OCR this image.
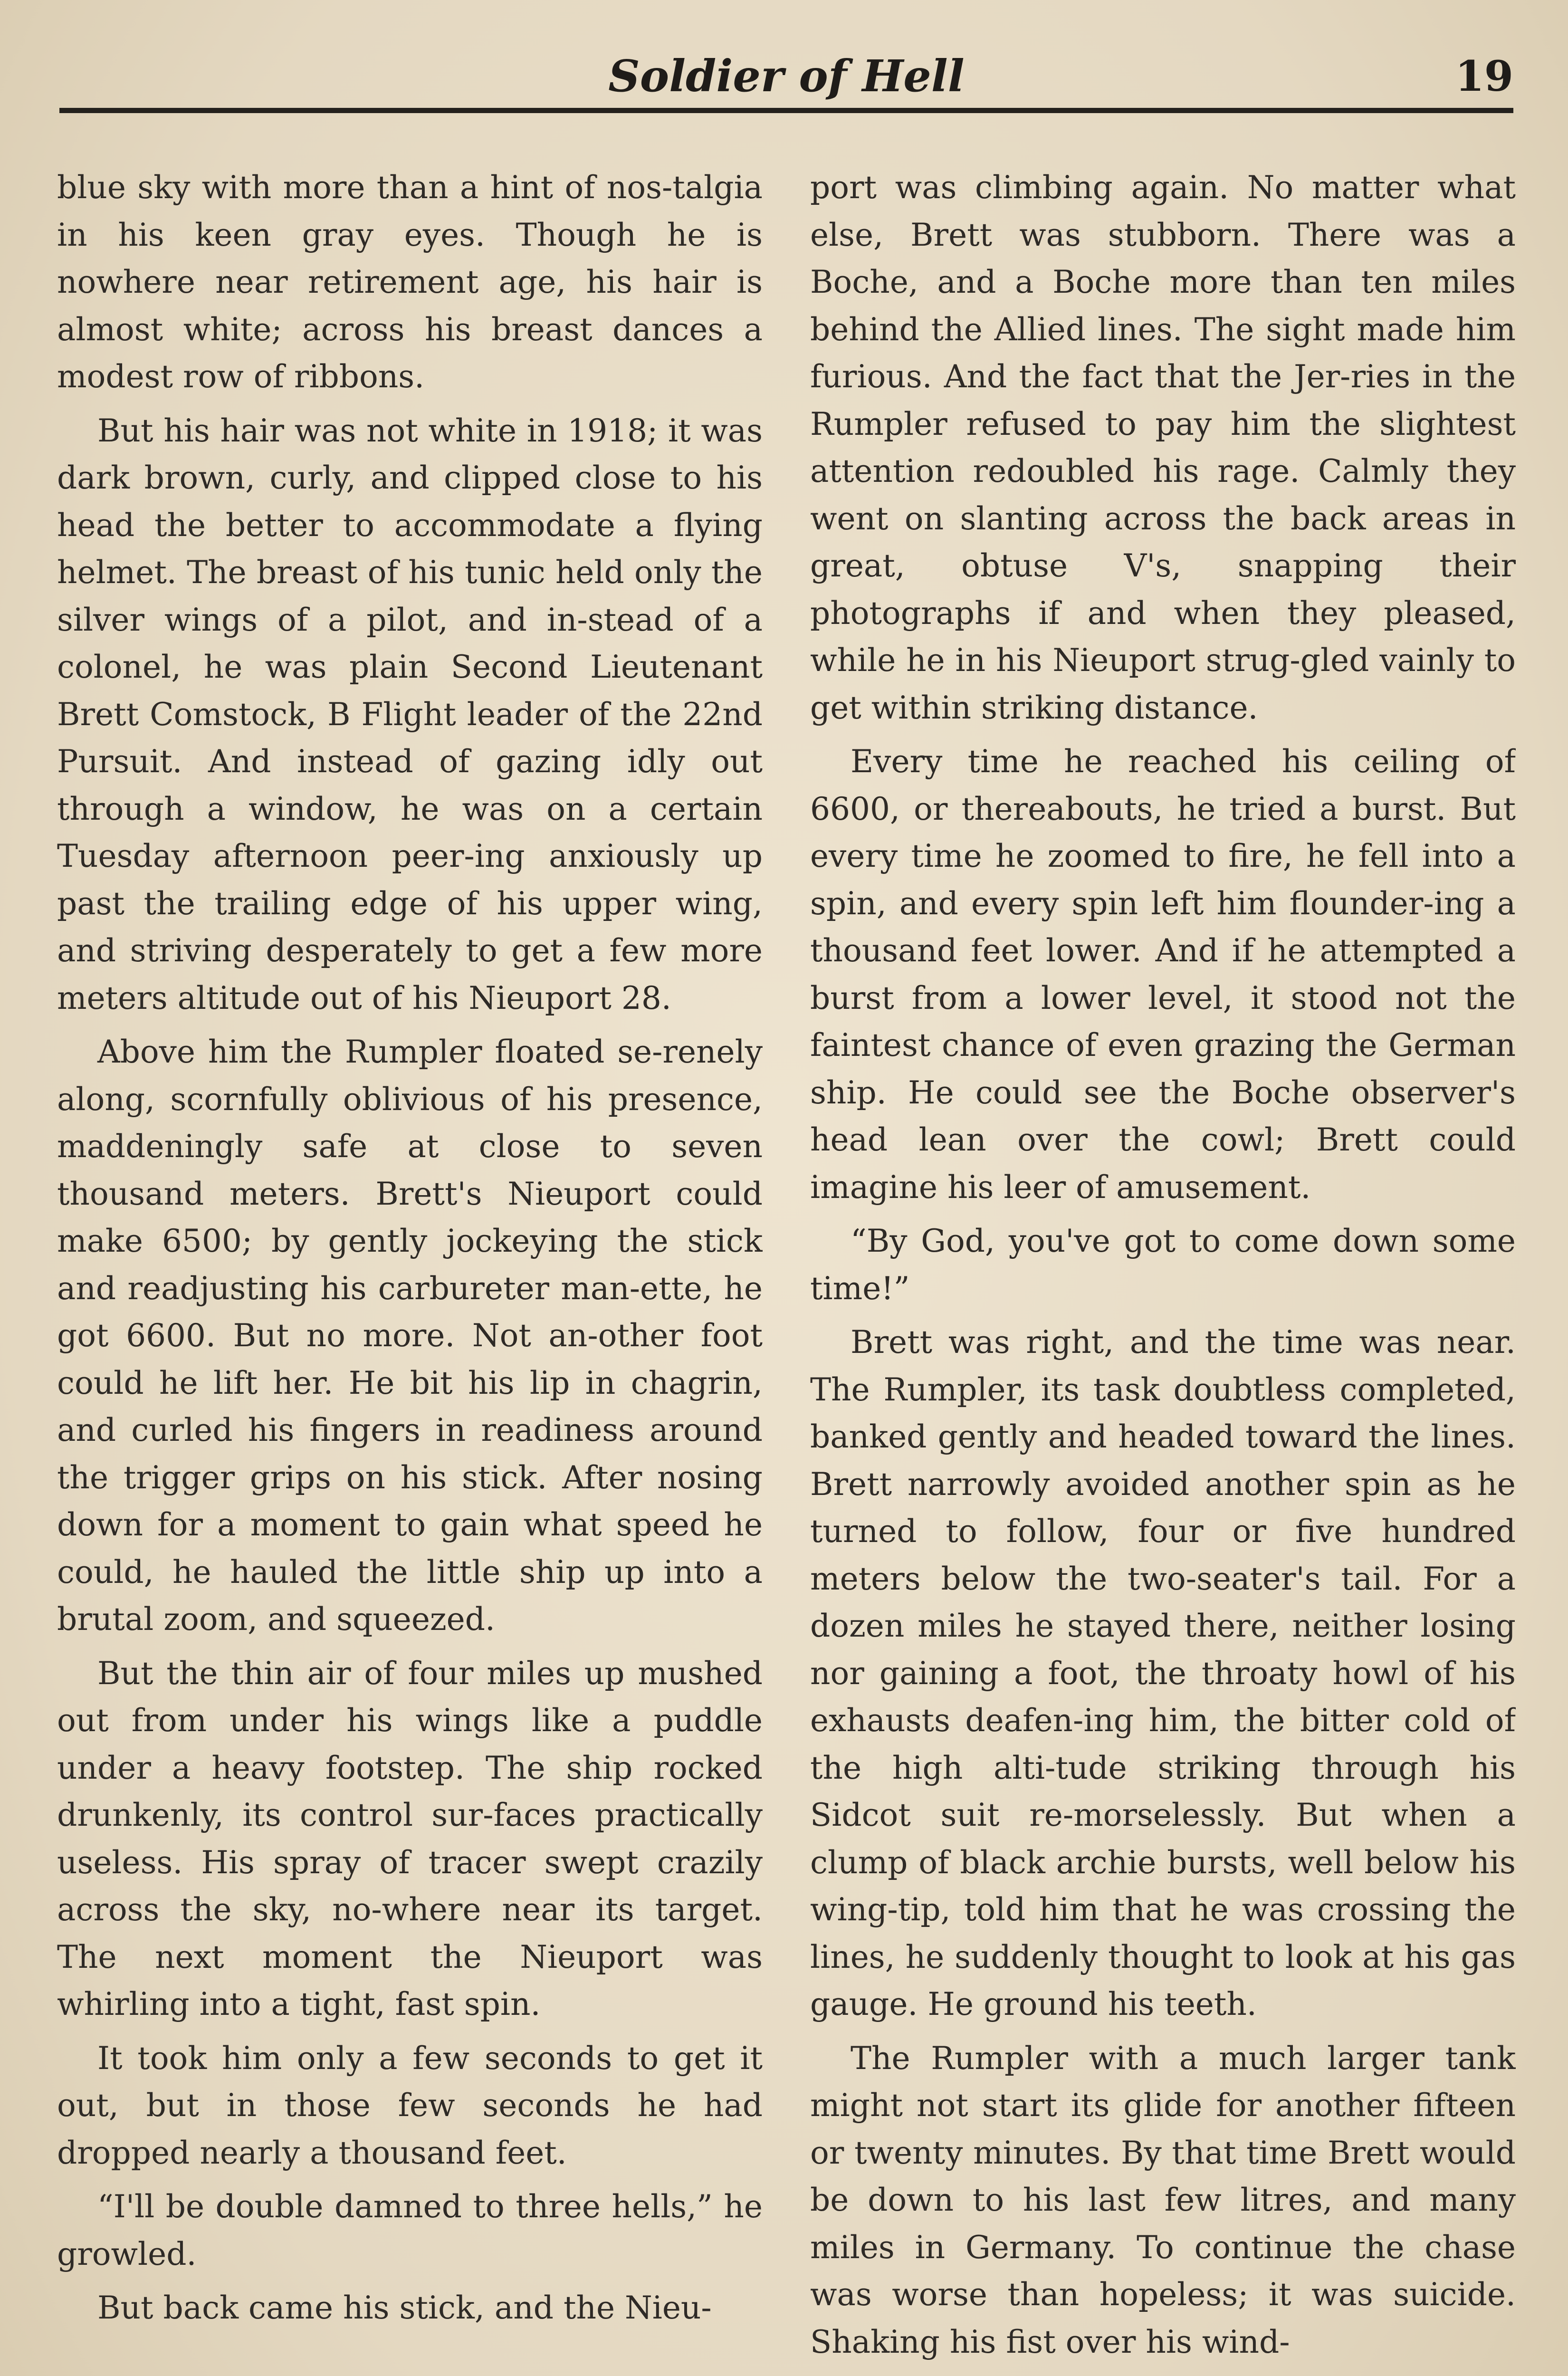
Soldier of Hell	19

blue sky with more than a hint of nos-talgia in his keen gray eyes. Though he is nowhere near retirement age, his hair is almost white; across his breast dances a modest row of ribbons.

But his hair was not white in 1918; it was dark brown, curly, and clipped close to his head the better to accommodate a flying helmet. The breast of his tunic held only the silver wings of a pilot, and in-stead of a colonel, he was plain Second Lieutenant Brett Comstock, B Flight leader of the 22nd Pursuit. And instead of gazing idly out through a window, he was on a certain Tuesday afternoon peer-ing anxiously up past the trailing edge of his upper wing, and striving desperately to get a few more meters altitude out of his Nieuport 28.

Above him the Rumpler floated se-renely along, scornfully oblivious of his presence, maddeningly safe at close to seven thousand meters. Brett's Nieuport could make 6500; by gently jockeying the stick and readjusting his carbureter man-ette, he got 6600. But no more. Not an-other foot could he lift her. He bit his lip in chagrin, and curled his fingers in readiness around the trigger grips on his stick. After nosing down for a moment to gain what speed he could, he hauled the little ship up into a brutal zoom, and squeezed.

But the thin air of four miles up mushed out from under his wings like a puddle under a heavy footstep. The ship rocked drunkenly, its control sur-faces practically useless. His spray of tracer swept crazily across the sky, no-where near its target. The next moment the Nieuport was whirling into a tight, fast spin.

It took him only a few seconds to get it out, but in those few seconds he had dropped nearly a thousand feet.

“I'll be double damned to three hells,” he growled.

But back came his stick, and the Nieu-

port was climbing again. No matter what else, Brett was stubborn. There was a Boche, and a Boche more than ten miles behind the Allied lines. The sight made him furious. And the fact that the Jer-ries in the Rumpler refused to pay him the slightest attention redoubled his rage. Calmly they went on slanting across the back areas in great, obtuse V's, snapping their photographs if and when they pleased, while he in his Nieuport strug-gled vainly to get within striking distance.

Every time he reached his ceiling of 6600, or thereabouts, he tried a burst. But every time he zoomed to fire, he fell into a spin, and every spin left him flounder-ing a thousand feet lower. And if he attempted a burst from a lower level, it stood not the faintest chance of even grazing the German ship. He could see the Boche observer's head lean over the cowl; Brett could imagine his leer of amusement.

“By God, you've got to come down some time!”

Brett was right, and the time was near. The Rumpler, its task doubtless completed, banked gently and headed toward the lines. Brett narrowly avoided another spin as he turned to follow, four or five hundred meters below the two-seater's tail. For a dozen miles he stayed there, neither losing nor gaining a foot, the throaty howl of his exhausts deafen-ing him, the bitter cold of the high alti-tude striking through his Sidcot suit re-morselessly. But when a clump of black archie bursts, well below his wing-tip, told him that he was crossing the lines, he suddenly thought to look at his gas gauge. He ground his teeth.

The Rumpler with a much larger tank might not start its glide for another fifteen or twenty minutes. By that time Brett would be down to his last few litres, and many miles in Germany. To continue the chase was worse than hopeless; it was suicide. Shaking his fist over his wind-
